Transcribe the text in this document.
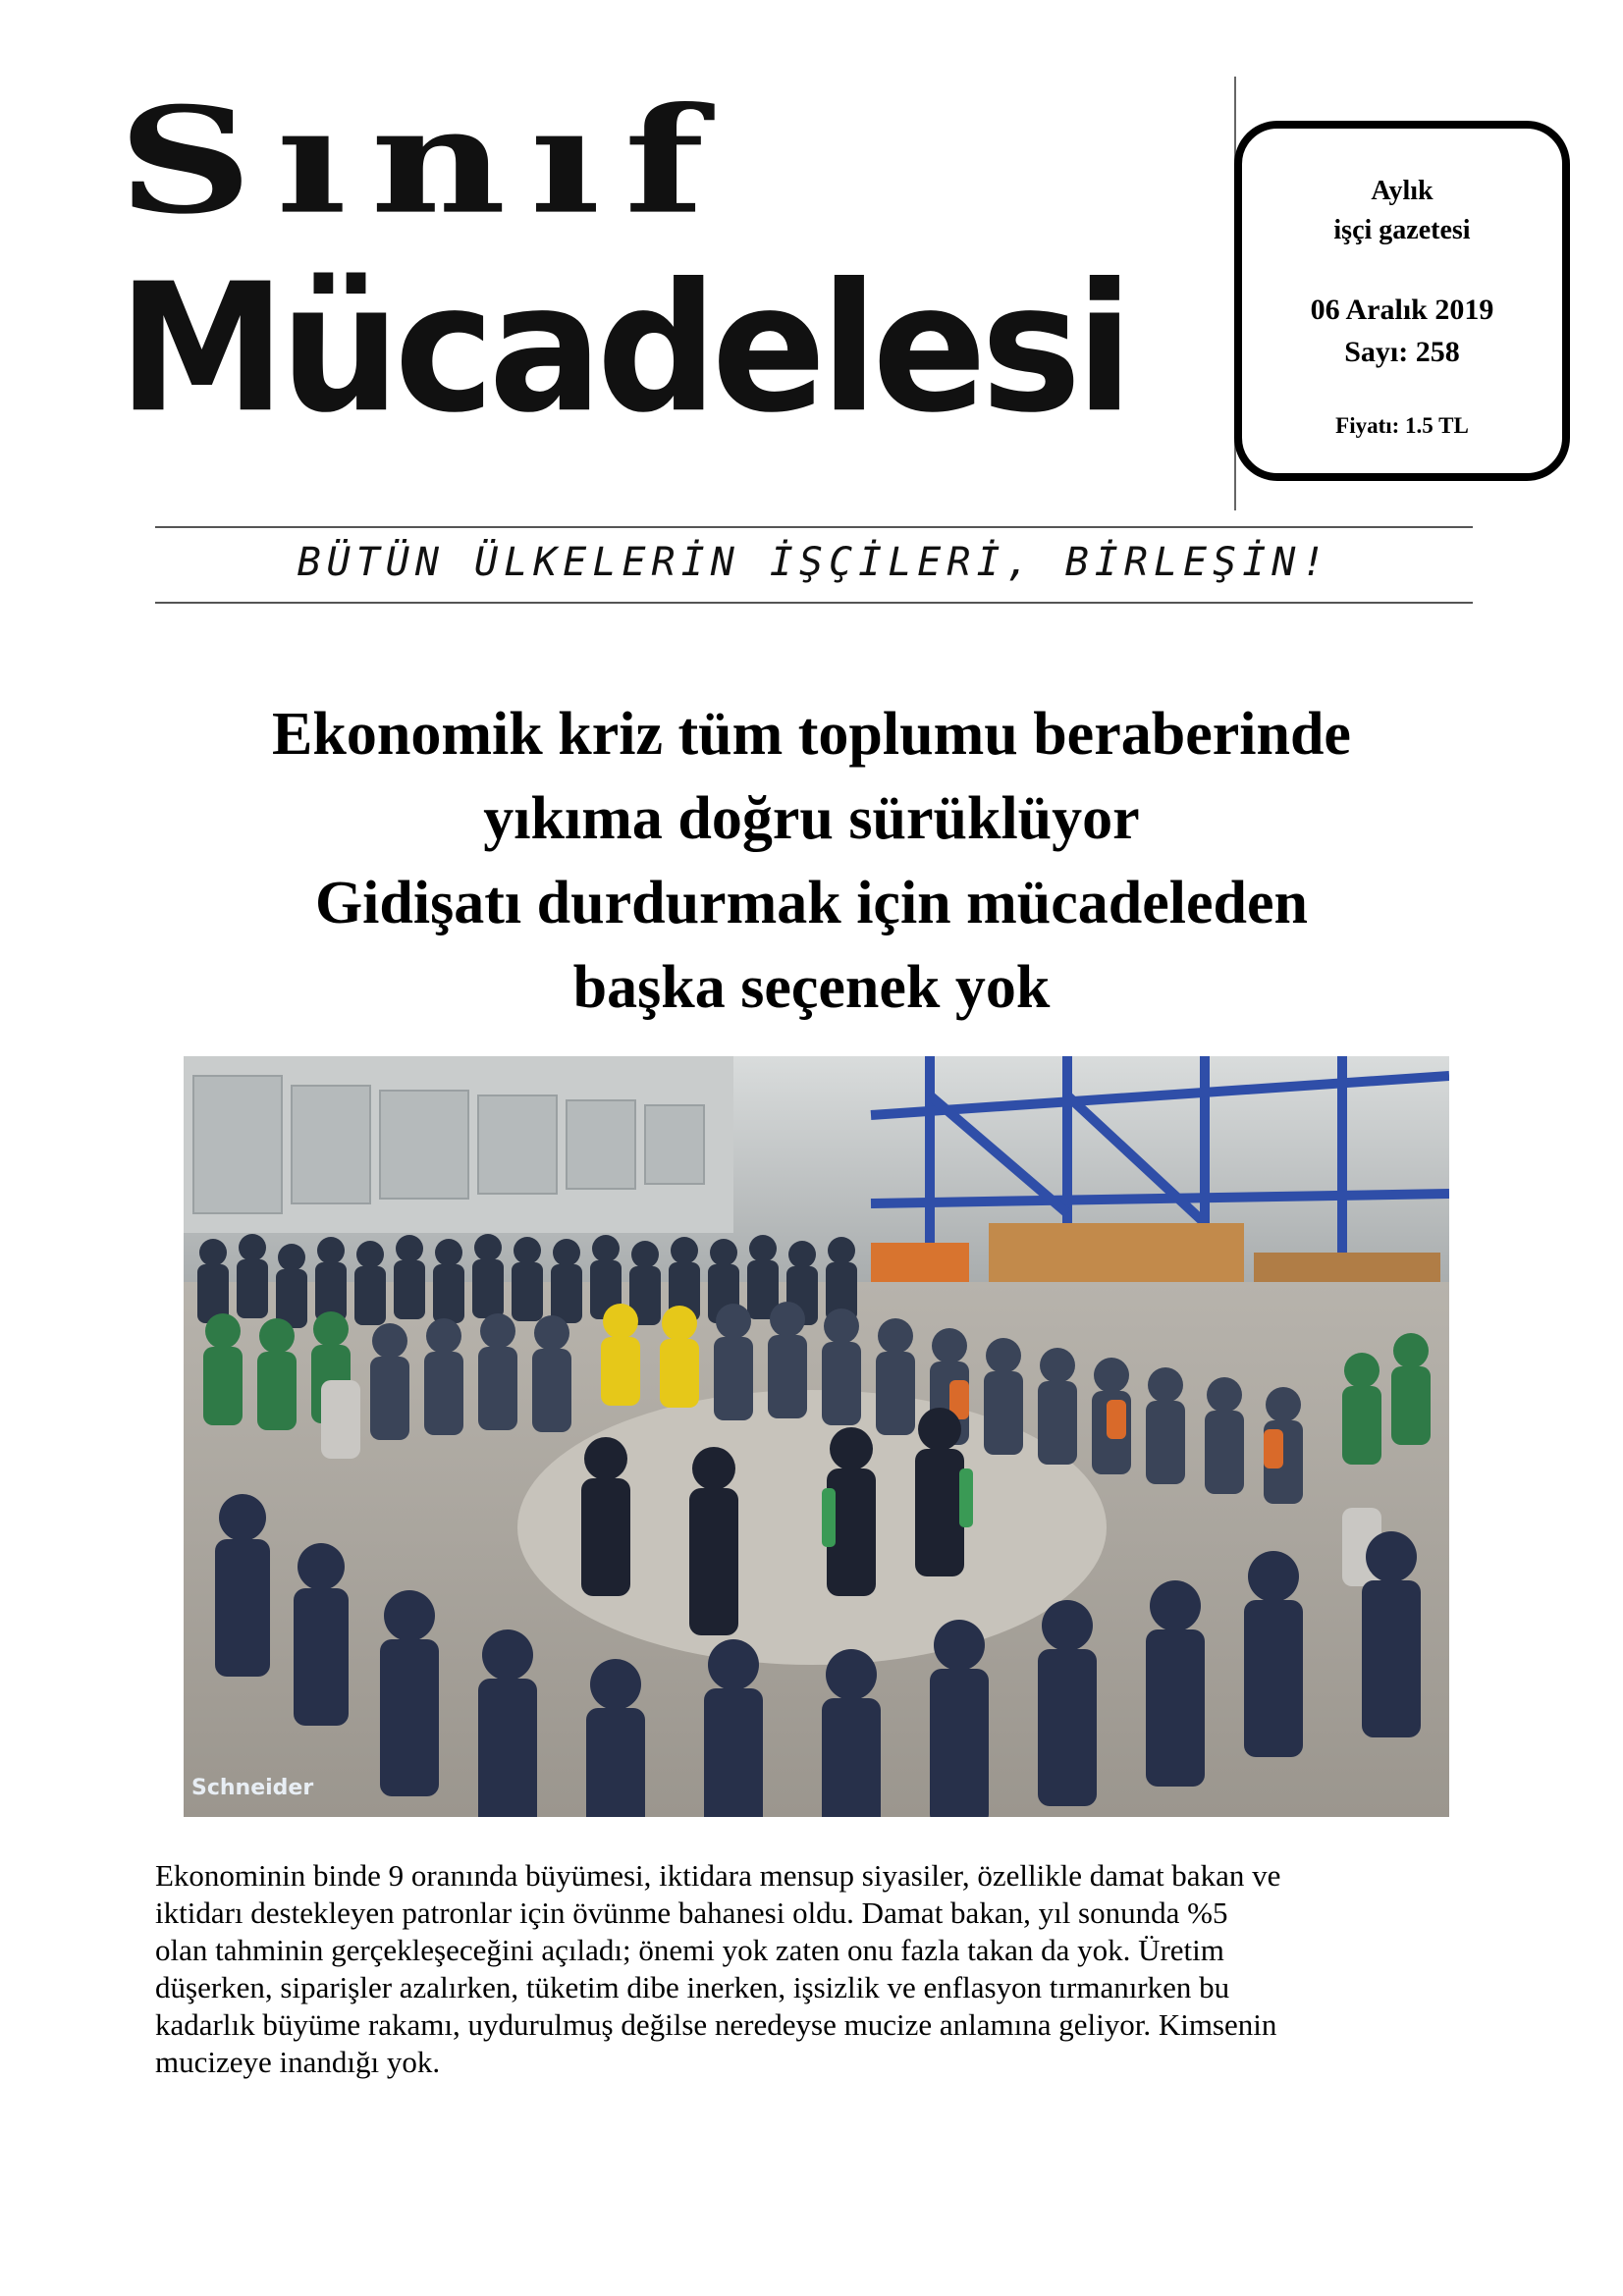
Sınıf
Mücadelesi
Aylık
işçi gazetesi
06 Aralık 2019
Sayı: 258
Fiyatı: 1.5 TL
BÜTÜN ÜLKELERİN İŞÇİLERİ, BİRLEŞİN!
Ekonomik kriz tüm toplumu beraberinde
yıkıma doğru sürüklüyor
Gidişatı durdurmak için mücadeleden
başka seçenek yok
Schneider

Ekonominin binde 9 oranında büyümesi, iktidara mensup siyasiler, özellikle damat bakan ve
iktidarı destekleyen patronlar için övünme bahanesi oldu. Damat bakan, yıl sonunda %5
olan tahminin gerçekleşeceğini açıladı; önemi yok zaten onu fazla takan da yok. Üretim
düşerken, siparişler azalırken, tüketim dibe inerken, işsizlik ve enflasyon tırmanırken bu
kadarlık büyüme rakamı, uydurulmuş değilse neredeyse mucize anlamına geliyor. Kimsenin
mucizeye inandığı yok.
